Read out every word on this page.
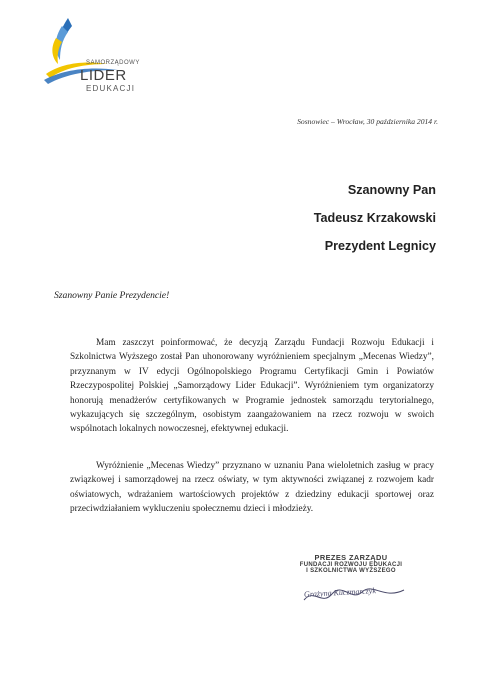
SAMORZĄDOWY
LIDER
EDUKACJI
Sosnowiec – Wrocław, 30 października 2014 r.
Szanowny Pan
Tadeusz Krzakowski
Prezydent Legnicy
Szanowny Panie Prezydencie!
Mam zaszczyt poinformować, że decyzją Zarządu Fundacji Rozwoju Edukacji i Szkolnictwa Wyższego został Pan uhonorowany wyróżnieniem specjalnym „Mecenas Wiedzy”, przyznanym w IV edycji Ogólnopolskiego Programu Certyfikacji Gmin i Powiatów Rzeczypospolitej Polskiej „Samorządowy Lider Edukacji”. Wyróżnieniem tym organizatorzy honorują menadżerów certyfikowanych w Programie jednostek samorządu terytorialnego, wykazujących się szczególnym, osobistym zaangażowaniem na rzecz rozwoju w swoich wspólnotach lokalnych nowoczesnej, efektywnej edukacji.
Wyróżnienie „Mecenas Wiedzy” przyznano w uznaniu Pana wieloletnich zasług w pracy związkowej i samorządowej na rzecz oświaty, w tym aktywności związanej z rozwojem kadr oświatowych, wdrażaniem wartościowych projektów z dziedziny edukacji sportowej oraz przeciwdziałaniem wykluczeniu społecznemu dzieci i młodzieży.
PREZES ZARZĄDU
FUNDACJI ROZWOJU EDUKACJI
I SZKOLNICTWA WYŻSZEGO
Grażyna Kuczmarczyk
